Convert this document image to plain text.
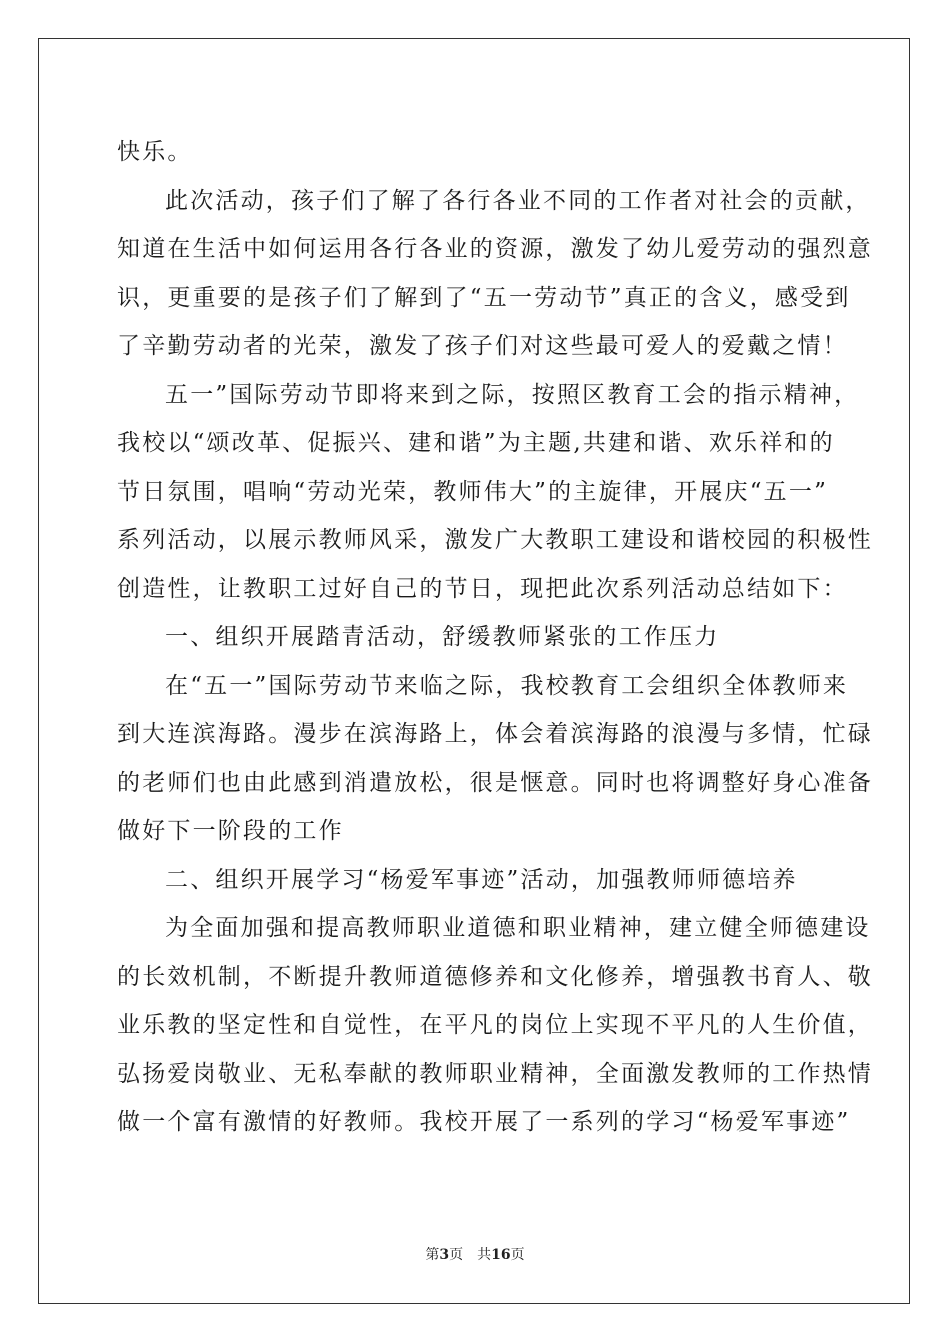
快乐。
此次活动，孩子们了解了各行各业不同的工作者对社会的贡献，
知道在生活中如何运用各行各业的资源，激发了幼儿爱劳动的强烈意
识，更重要的是孩子们了解到了“五一劳动节”真正的含义，感受到
了辛勤劳动者的光荣，激发了孩子们对这些最可爱人的爱戴之情！
五一”国际劳动节即将来到之际，按照区教育工会的指示精神，
我校以“颂改革、促振兴、建和谐”为主题,共建和谐、欢乐祥和的
节日氛围，唱响“劳动光荣，教师伟大”的主旋律，开展庆“五一”
系列活动，以展示教师风采，激发广大教职工建设和谐校园的积极性
创造性，让教职工过好自己的节日，现把此次系列活动总结如下：
一、组织开展踏青活动，舒缓教师紧张的工作压力
在“五一”国际劳动节来临之际，我校教育工会组织全体教师来
到大连滨海路。漫步在滨海路上，体会着滨海路的浪漫与多情，忙碌
的老师们也由此感到消遣放松，很是惬意。同时也将调整好身心准备
做好下一阶段的工作
二、组织开展学习“杨爱军事迹”活动，加强教师师德培养
为全面加强和提高教师职业道德和职业精神，建立健全师德建设
的长效机制，不断提升教师道德修养和文化修养，增强教书育人、敬
业乐教的坚定性和自觉性，在平凡的岗位上实现不平凡的人生价值，
弘扬爱岗敬业、无私奉献的教师职业精神，全面激发教师的工作热情
做一个富有激情的好教师。我校开展了一系列的学习“杨爱军事迹”
第3页 共16页
